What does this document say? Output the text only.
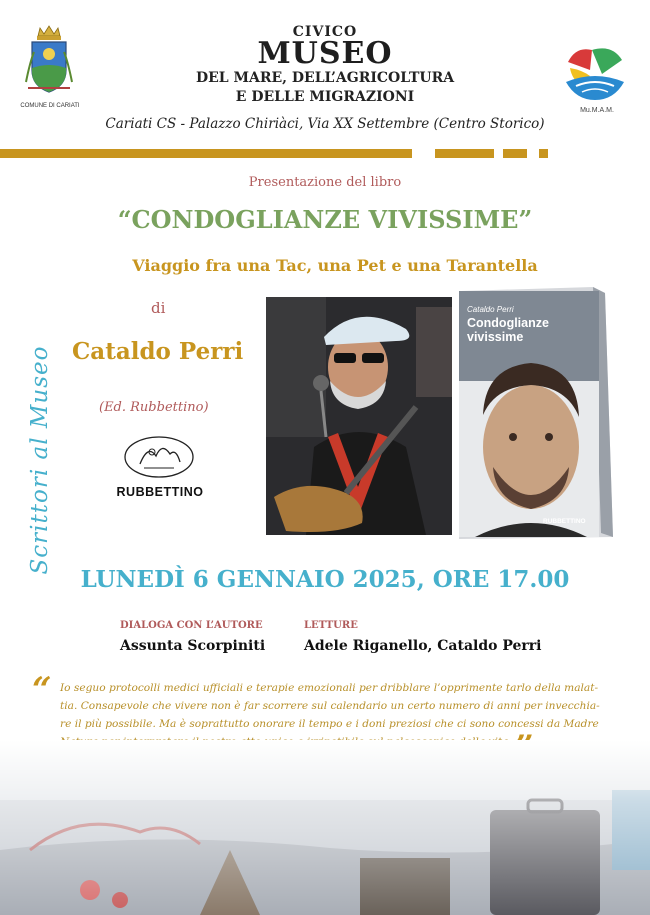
COMUNE DI CARIATI
CIVICO
MUSEO
DEL MARE, DELL’AGRICOLTURA
E DELLE MIGRAZIONI
Cariati CS - Palazzo Chiriàci, Via XX Settembre (Centro Storico)
Mu.M.A.M.
Presentazione del libro
“CONDOGLIANZE VIVISSIME”
Viaggio fra una Tac, una Pet e una Tarantella
di
Cataldo Perri
(Ed. Rubbettino)
RUBBETTINO
Scrittori al Museo
Cataldo Perri
Condoglianze
vivissime
RUBBETTINO
LUNEDÌ 6 GENNAIO 2025, ORE 17.00
DIALOGA CON L’AUTORE
Assunta Scorpiniti
LETTURE
Adele Riganello, Cataldo Perri
“ Io seguo protocolli medici ufficiali e terapie emozionali per dribblare l’opprimente tarlo della malat-
tia. Consapevole che vivere non è far scorrere sul calendario un certo numero di anni per invecchia-
re il più possibile. Ma è soprattutto onorare il tempo e i doni preziosi che ci sono concessi da Madre
